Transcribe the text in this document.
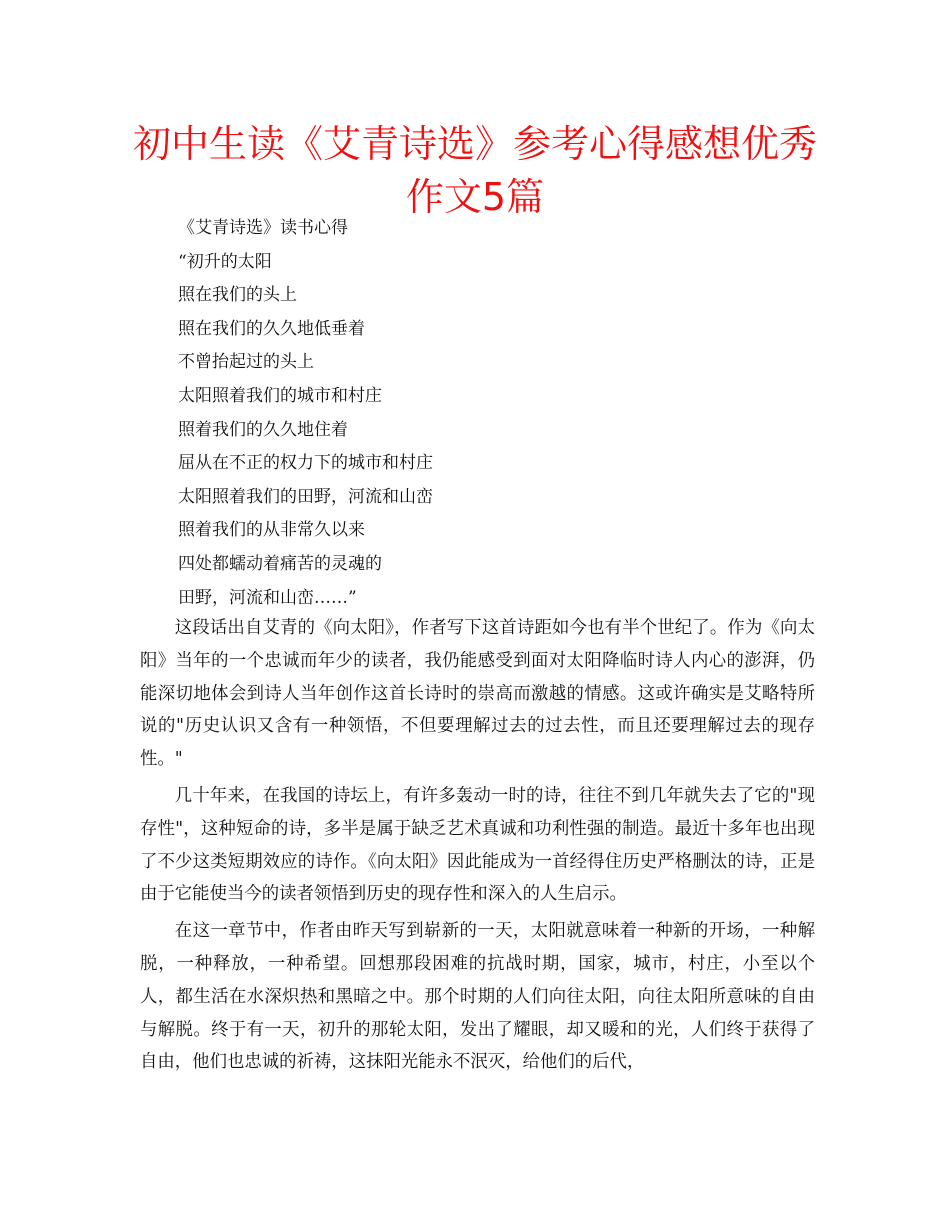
初中生读《艾青诗选》参考心得感想优秀作文5篇
《艾青诗选》读书心得
“初升的太阳
照在我们的头上
照在我们的久久地低垂着
不曾抬起过的头上
太阳照着我们的城市和村庄
照着我们的久久地住着
屈从在不正的权力下的城市和村庄
太阳照着我们的田野，河流和山峦
照着我们的从非常久以来
四处都蠕动着痛苦的灵魂的
田野，河流和山峦……”

这段话出自艾青的《向太阳》，作者写下这首诗距如今也有半个世纪了。作为《向太阳》当年的一个忠诚而年少的读者，我仍能感受到面对太阳降临时诗人内心的澎湃，仍能深切地体会到诗人当年创作这首长诗时的崇高而激越的情感。这或许确实是艾略特所说的"历史认识又含有一种领悟，不但要理解过去的过去性，而且还要理解过去的现存性。"

几十年来，在我国的诗坛上，有许多轰动一时的诗，往往不到几年就失去了它的"现存性"，这种短命的诗，多半是属于缺乏艺术真诚和功利性强的制造。最近十多年也出现了不少这类短期效应的诗作。《向太阳》因此能成为一首经得住历史严格删汰的诗，正是由于它能使当今的读者领悟到历史的现存性和深入的人生启示。

在这一章节中，作者由昨天写到崭新的一天，太阳就意味着一种新的开场，一种解脱，一种释放，一种希望。回想那段困难的抗战时期，国家，城市，村庄，小至以个人，都生活在水深炽热和黑暗之中。那个时期的人们向往太阳，向往太阳所意味的自由与解脱。终于有一天，初升的那轮太阳，发出了耀眼，却又暖和的光，人们终于获得了自由，他们也忠诚的祈祷，这抹阳光能永不泯灭，给他们的后代，
